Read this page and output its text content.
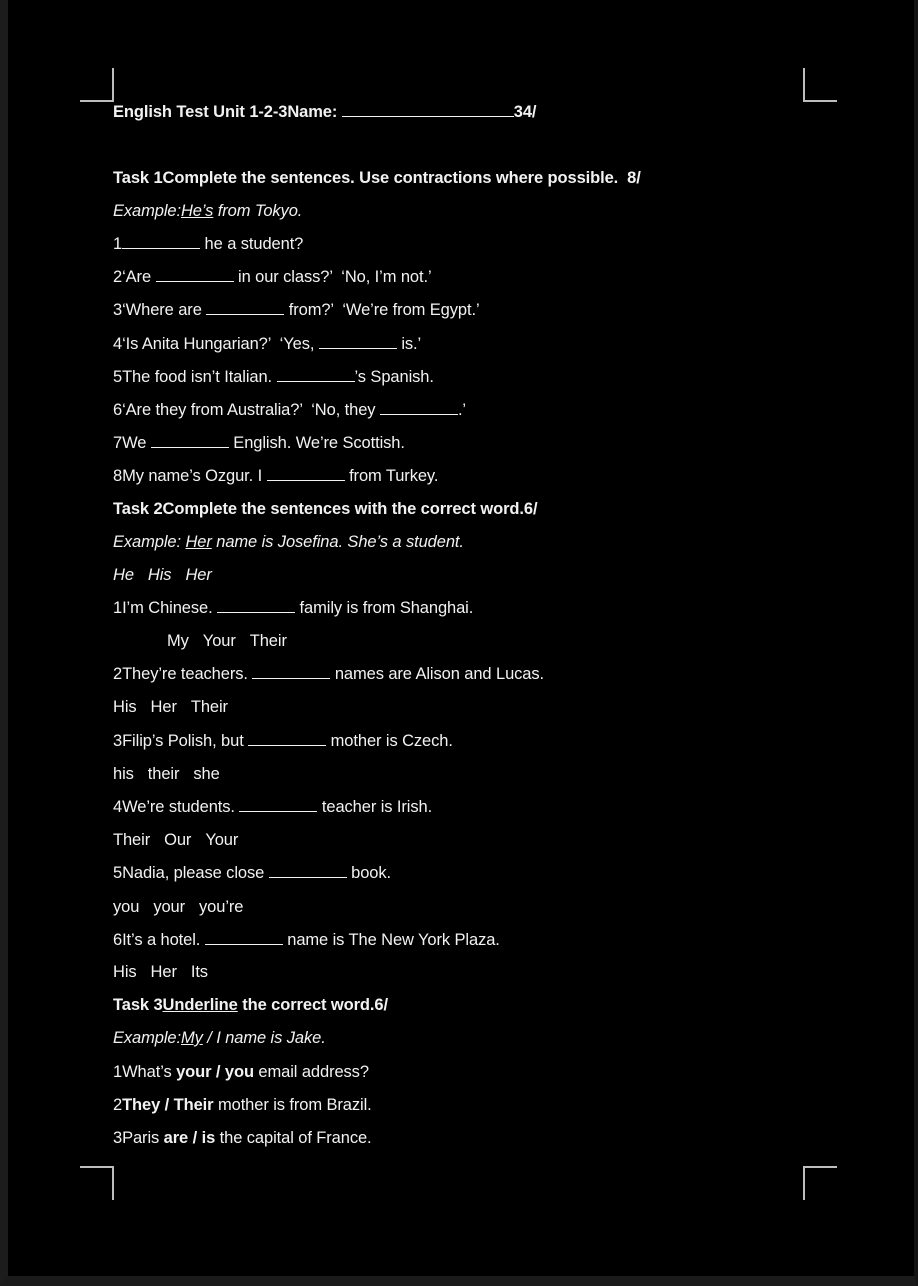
English Test Unit 1-2-3Name:	34/
Task 1Complete the sentences. Use contractions where possible.  8/
Example:He’s from Tokyo.
1	he a student?
2‘Are	in our class?’  ‘No, I’m not.’
3‘Where are	from?’  ‘We’re from Egypt.’
4‘Is Anita Hungarian?’  ‘Yes,	is.’
5The food isn’t Italian.	’s Spanish.
6‘Are they from Australia?’  ‘No, they	.’
7We	English. We’re Scottish.
8My name’s Ozgur. I	from Turkey.
Task 2Complete the sentences with the correct word.6/
Example: Her name is Josefina. She’s a student.
He His Her
1I’m Chinese.	family is from Shanghai.
My Your Their
2They’re teachers.	names are Alison and Lucas.
His Her Their
3Filip’s Polish, but	mother is Czech.
his their she
4We’re students.	teacher is Irish.
Their Our Your
5Nadia, please close	book.
you your you’re
6It’s a hotel.	name is The New York Plaza.
His Her Its
Task 3Underline the correct word.6/
Example:My / I name is Jake.
1What’s your / you email address?
2They / Their mother is from Brazil.
3Paris are / is the capital of France.
